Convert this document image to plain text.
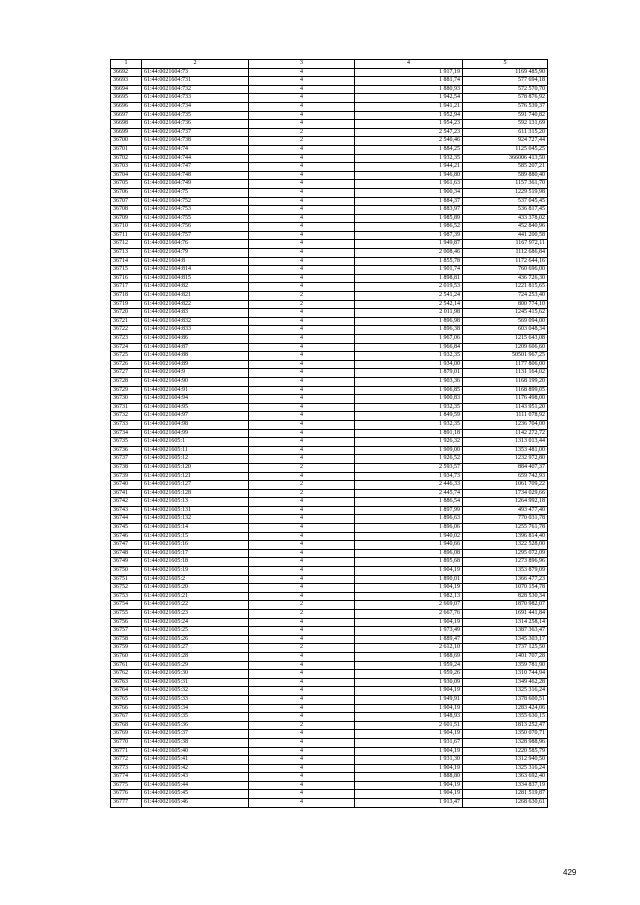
1	2	3	4	5
36692	61:44:0021604:73	4	1 917,19	1169 485,90
36693	61:44:0021604:731	4	1 881,74	577 694,18
36694	61:44:0021604:732	4	1 880,93	572 570,70
36695	61:44:0021604:733	4	1 942,54	578 876,92
36696	61:44:0021604:734	4	1 941,21	576 539,37
36697	61:44:0021604:735	4	1 952,94	591 740,82
36698	61:44:0021604:736	4	1 954,23	592 131,69
36699	61:44:0021604:737	2	2 547,23	611 315,20
36700	61:44:0021604:738	2	2 540,46	924 727,44
36701	61:44:0021604:74	4	1 884,25	1125 045,25
36702	61:44:0021604:744	4	1 932,35	366006 413,50
36703	61:44:0021604:747	4	1 944,21	585 207,21
36704	61:44:0021604:748	4	1 946,80	589 880,40
36705	61:44:0021604:749	4	1 961,63	1157 361,70
36706	61:44:0021604:75	4	1 900,34	1229 519,98
36707	61:44:0021604:752	4	1 884,37	537 045,45
36708	61:44:0021604:753	4	1 883,97	536 817,45
36709	61:44:0021604:755	4	1 985,89	433 378,02
36710	61:44:0021604:756	4	1 986,52	452 840,96
36711	61:44:0021604:757	4	1 987,39	441 200,58
36712	61:44:0021604:76	4	1 949,87	1167 972,11
36713	61:44:0021604:79	4	2 008,46	1112 686,84
36714	61:44:0021604:8	4	1 855,78	1172 644,16
36715	61:44:0021604:814	4	1 901,74	760 696,00
36716	61:44:0021604:815	4	1 898,81	436 726,30
36717	61:44:0021604:82	4	2 019,53	1221 815,65
36718	61:44:0021604:821	2	2 541,24	724 253,40
36719	61:44:0021604:822	2	2 542,14	800 774,10
36720	61:44:0021604:83	4	2 011,98	1245 415,62
36721	61:44:0021604:832	4	1 896,98	569 094,00
36722	61:44:0021604:833	4	1 896,38	603 048,34
36723	61:44:0021604:86	4	1 967,06	1215 643,08
36724	61:44:0021604:87	4	1 966,84	1209 606,60
36725	61:44:0021604:88	4	1 932,35	50501 967,25
36726	61:44:0021604:89	4	1 934,00	1177 806,00
36727	61:44:0021604:9	4	1 879,01	1131 164,02
36728	61:44:0021604:90	4	1 903,36	1168 199,20
36729	61:44:0021604:91	4	1 906,85	1168 899,05
36730	61:44:0021604:94	4	1 900,83	1176 498,00
36731	61:44:0021604:95	4	1 932,35	1143 951,20
36732	61:44:0021604:97	4	1 849,59	1111 078,92
36733	61:44:0021604:98	4	1 932,35	1236 704,00
36734	61:44:0021604:99	4	1 891,18	1142 272,72
36735	61:44:0021605:1	4	1 926,32	1313 013,44
36736	61:44:0021605:11	4	1 909,00	1353 481,00
36737	61:44:0021605:12	4	1 926,52	1232 972,80
36738	61:44:0021605:120	2	2 593,57	884 407,37
36739	61:44:0021605:121	4	1 934,73	659 742,93
36740	61:44:0021605:127	2	2 446,33	1061 709,22
36741	61:44:0021605:128	2	2 445,74	1734 029,66
36742	61:44:0021605:13	4	1 886,54	1264 992,18
36743	61:44:0021605:131	4	1 897,99	493 477,40
36744	61:44:0021605:132	4	1 896,63	770 031,78
36745	61:44:0021605:14	4	1 896,06	1255 761,78
36746	61:44:0021605:15	4	1 940,02	1396 814,40
36747	61:44:0021605:16	4	1 940,66	1322 528,00
36748	61:44:0021605:17	4	1 896,08	1295 072,09
36749	61:44:0021605:18	4	1 895,68	1273 896,96
36750	61:44:0021605:19	4	1 904,19	1353 879,09
36751	61:44:0021605:2	4	1 890,01	1366 477,23
36752	61:44:0021605:20	4	1 904,19	1070 154,78
36753	61:44:0021605:21	4	1 982,13	828 530,34
36754	61:44:0021605:22	2	2 669,07	1870 982,07
36755	61:44:0021605:23	2	2 667,76	1691 441,84
36756	61:44:0021605:24	4	1 904,19	1314 258,14
36757	61:44:0021605:25	4	1 973,49	1387 363,47
36758	61:44:0021605:26	4	1 889,47	1345 303,17
36759	61:44:0021605:27	2	2 612,10	1737 125,50
36760	61:44:0021605:28	4	1 988,69	1401 707,28
36761	61:44:0021605:29	4	1 959,24	1359 781,90
36762	61:44:0021605:30	4	1 959,26	1310 744,94
36763	61:44:0021605:31	4	1 930,09	1349 462,28
36764	61:44:0021605:32	4	1 904,19	1325 316,24
36765	61:44:0021605:33	4	1 949,91	1378 600,51
36766	61:44:0021605:34	4	1 904,19	1283 424,06
36767	61:44:0021605:35	4	1 948,93	1355 630,15
36768	61:44:0021605:36	2	2 601,51	1813 252,47
36769	61:44:0021605:37	4	1 904,19	1350 070,71
36770	61:44:0021605:38	4	1 931,67	1328 988,96
36771	61:44:0021605:40	4	1 904,19	1220 585,79
36772	61:44:0021605:41	4	1 931,30	1312 940,50
36773	61:44:0021605:42	4	1 904,19	1325 316,24
36774	61:44:0021605:43	4	1 888,80	1363 692,40
36775	61:44:0021605:44	4	1 904,19	1334 837,19
36776	61:44:0021605:45	4	1 904,19	1281 519,87
36777	61:44:0021605:46	4	1 913,47	1268 630,61
429
